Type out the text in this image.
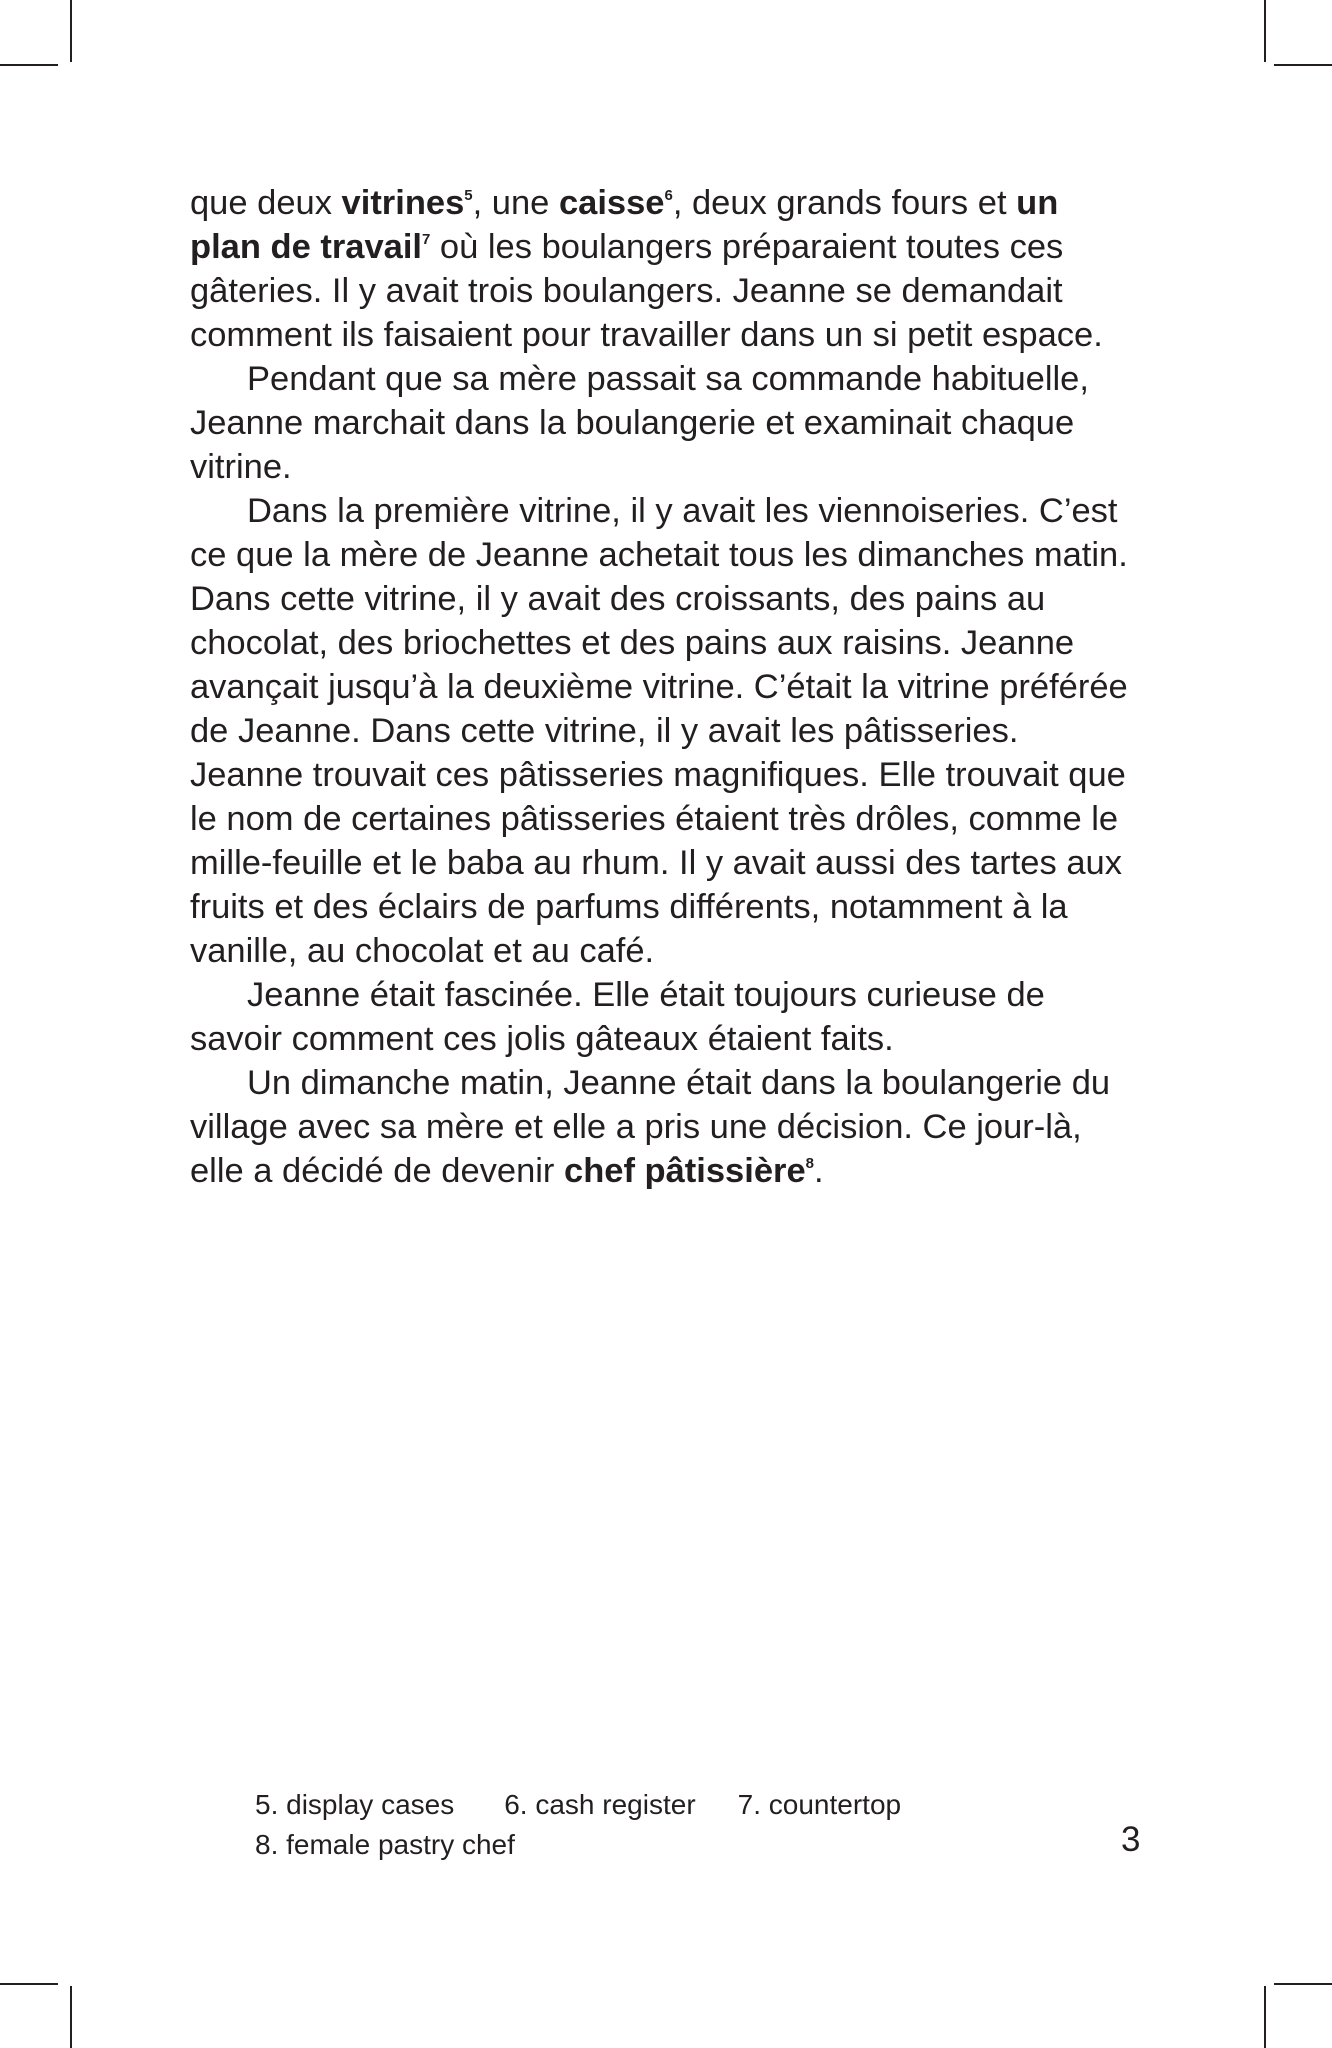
que deux vitrines$^5$, une caisse$^6$, deux grands fours et un plan de travail$^7$ où les boulangers préparaient toutes ces gâteries. Il y avait trois boulangers. Jeanne se demandait comment ils faisaient pour travailler dans un si petit espace.

Pendant que sa mère passait sa commande habituelle, Jeanne marchait dans la boulangerie et examinait chaque vitrine.

Dans la première vitrine, il y avait les viennoiseries. C’est ce que la mère de Jeanne achetait tous les dimanches matin. Dans cette vitrine, il y avait des croissants, des pains au chocolat, des briochettes et des pains aux raisins. Jeanne avançait jusqu’à la deuxième vitrine. C’était la vitrine préférée de Jeanne. Dans cette vitrine, il y avait les pâtisseries. Jeanne trouvait ces pâtisseries magnifiques. Elle trouvait que le nom de certaines pâtisseries étaient très drôles, comme le mille-feuille et le baba au rhum. Il y avait aussi des tartes aux fruits et des éclairs de parfums différents, notamment à la vanille, au chocolat et au café.

Jeanne était fascinée. Elle était toujours curieuse de savoir comment ces jolis gâteaux étaient faits.

Un dimanche matin, Jeanne était dans la boulangerie du village avec sa mère et elle a pris une décision. Ce jour-là, elle a décidé de devenir chef pâtissière$^8$.

5. display cases 6. cash register 7. countertop
8. female pastry chef	3
